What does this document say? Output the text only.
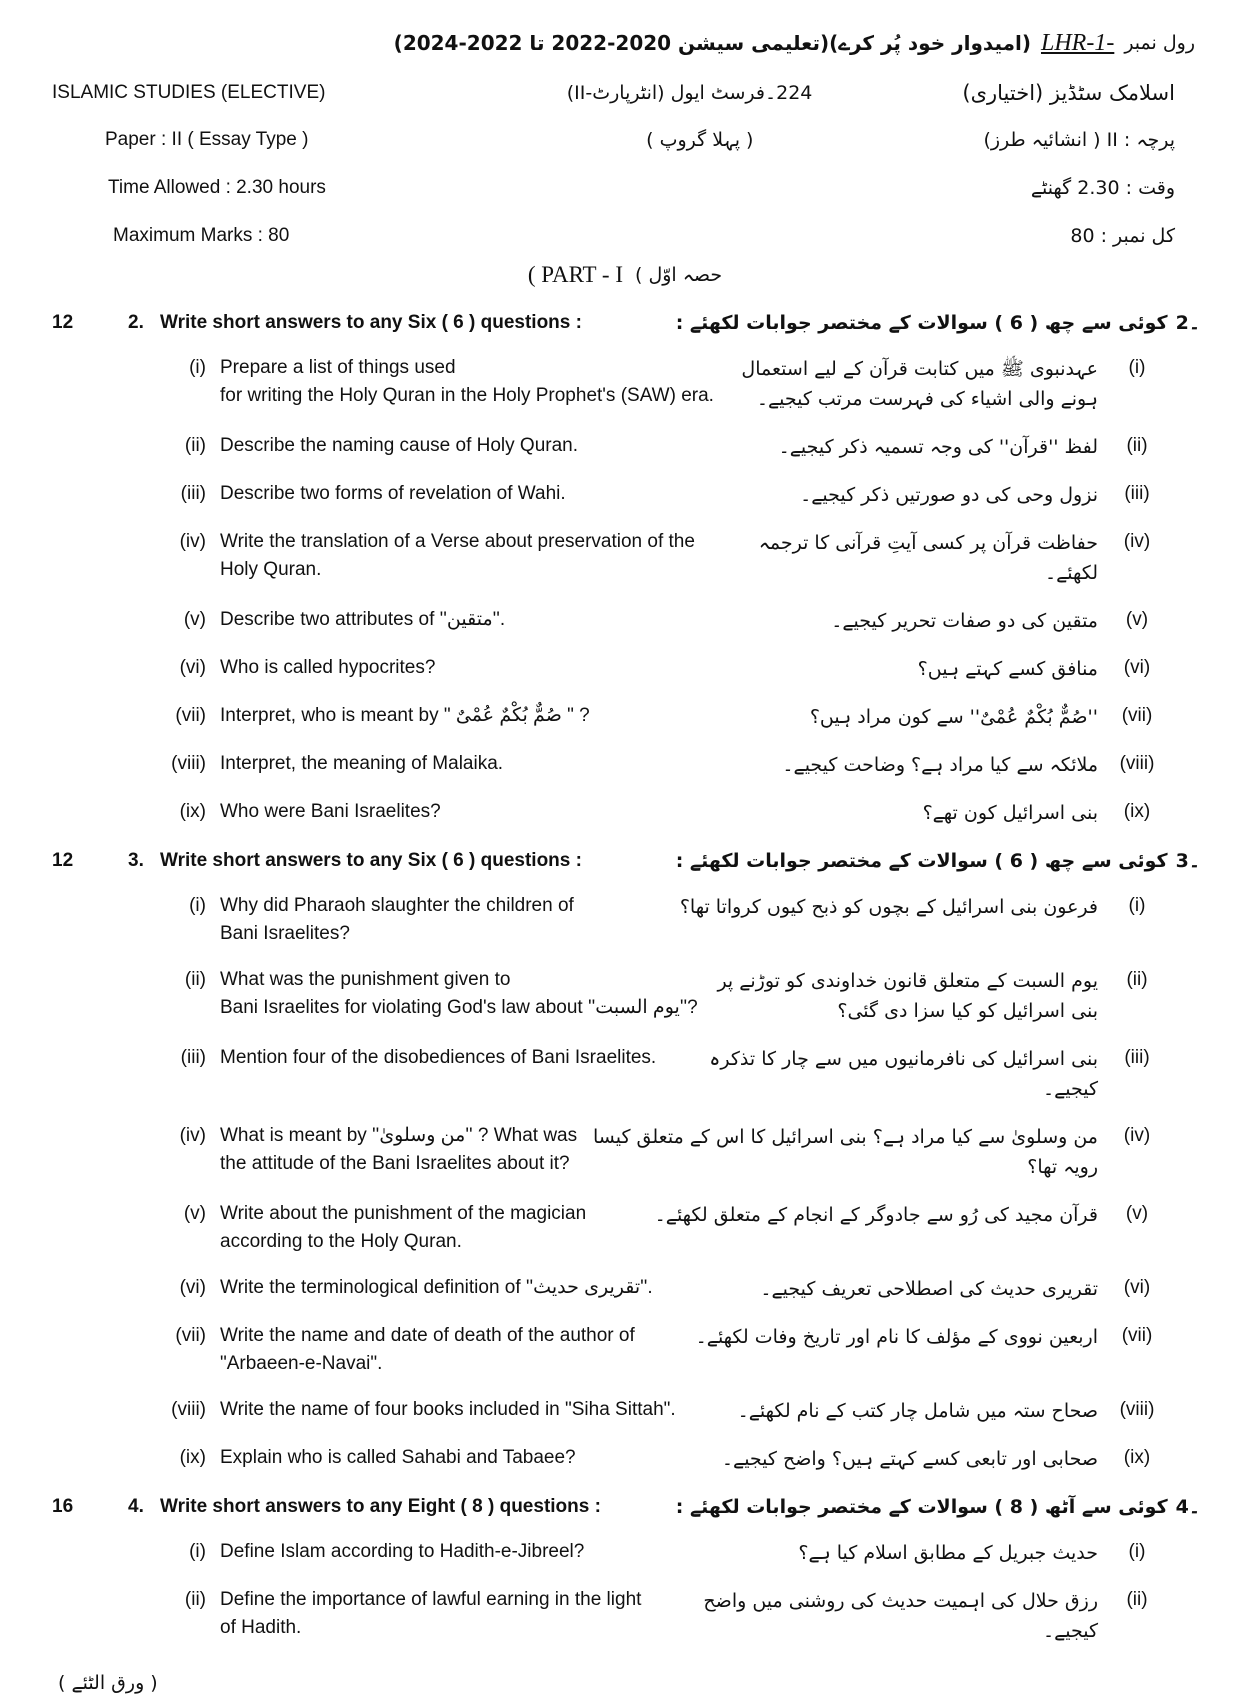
رول نمبر
LHR-1-
(امیدوار خود پُر کرے)(تعلیمی سیشن 2020-2022 تا 2022-2024)
ISLAMIC STUDIES (ELECTIVE)	224۔فرسٹ ایول (انٹرپارٹ-II)	اسلامک سٹڈیز (اختیاری)
Paper : II ( Essay Type )	( پہلا گروپ )	پرچہ : II ( انشائیہ طرز)
Time Allowed : 2.30 hours	وقت : 2.30 گھنٹے
Maximum Marks : 80	کل نمبر : 80
( PART - I حصہ اوّل )
12	2. Write short answers to any Six ( 6 ) questions :	۔2
کوئی سے چھ ( 6 ) سوالات کے مختصر جوابات لکھئے :
(i) Prepare a list of things used
for writing the Holy Quran in the Holy Prophet's (SAW) era.
عہدنبوی ﷺ میں کتابت قرآن کے لیے استعمال ہونے والی اشیاء کی فہرست مرتب کیجیے۔
(i)
(ii) Describe the naming cause of Holy Quran.	لفظ ''قرآن'' کی وجہ تسمیہ ذکر کیجیے۔	(ii)
(iii) Describe two forms of revelation of Wahi.	نزول وحی کی دو صورتیں ذکر کیجیے۔	(iii)
(iv) Write the translation of a Verse about preservation of the
Holy Quran.
حفاظت قرآن پر کسی آیتِ قرآنی کا ترجمہ لکھئے۔
(iv)
(v) Describe two attributes of ''متقین''.	متقین کی دو صفات تحریر کیجیے۔	(v)
(vi) Who is called hypocrites?	منافق کسے کہتے ہیں؟	(vi)
(vii) Interpret, who is meant by " صُمٌّ بُکْمٌ عُمْیٌ " ?	''صُمٌّ بُکْمٌ عُمْیٌ'' سے کون مراد ہیں؟	(vii)
(viii) Interpret, the meaning of Malaika.	ملائکہ سے کیا مراد ہے؟ وضاحت کیجیے۔	(viii)
(ix) Who were Bani Israelites?	بنی اسرائیل کون تھے؟	(ix)
12	3. Write short answers to any Six ( 6 ) questions :	۔3
کوئی سے چھ ( 6 ) سوالات کے مختصر جوابات لکھئے :
(i) Why did Pharaoh slaughter the children of
Bani Israelites?
فرعون بنی اسرائیل کے بچوں کو ذبح کیوں کرواتا تھا؟	(i)
(ii) What was the punishment given to
Bani Israelites for violating God's law about ''یوم السبت''?
یوم السبت کے متعلق قانون خداوندی کو توڑنے پر بنی اسرائیل کو کیا سزا دی گئی؟
(ii)
(iii) Mention four of the disobediences of Bani Israelites.	بنی اسرائیل کی نافرمانیوں میں سے چار کا تذکرہ کیجیے۔
(iii)
(iv) What is meant by ''من وسلویٰ'' ? What was
the attitude of the Bani Israelites about it?
من وسلویٰ سے کیا مراد ہے؟ بنی اسرائیل کا اس کے متعلق کیسا رویہ تھا؟
(iv)
(v) Write about the punishment of the magician
according to the Holy Quran.
قرآن مجید کی رُو سے جادوگر کے انجام کے متعلق لکھئے۔	(v)
(vi) Write the terminological definition of ''تقریری حدیث''.	تقریری حدیث کی اصطلاحی تعریف کیجیے۔	(vi)
(vii) Write the name and date of death of the author of
"Arbaeen-e-Navai".
اربعین نووی کے مؤلف کا نام اور تاریخ وفات لکھئے۔	(vii)
(viii) Write the name of four books included in "Siha Sittah".	صحاح ستہ میں شامل چار کتب کے نام لکھئے۔	(viii)
(ix) Explain who is called Sahabi and Tabaee?	صحابی اور تابعی کسے کہتے ہیں؟ واضح کیجیے۔	(ix)
16	4. Write short answers to any Eight ( 8 ) questions :	۔4
کوئی سے آٹھ ( 8 ) سوالات کے مختصر جوابات لکھئے :
(i) Define Islam according to Hadith-e-Jibreel?	حدیث جبریل کے مطابق اسلام کیا ہے؟	(i)
(ii) Define the importance of lawful earning in the light
of Hadith.
رزق حلال کی اہمیت حدیث کی روشنی میں واضح کیجیے۔
(ii)
( ورق الٹئے )
